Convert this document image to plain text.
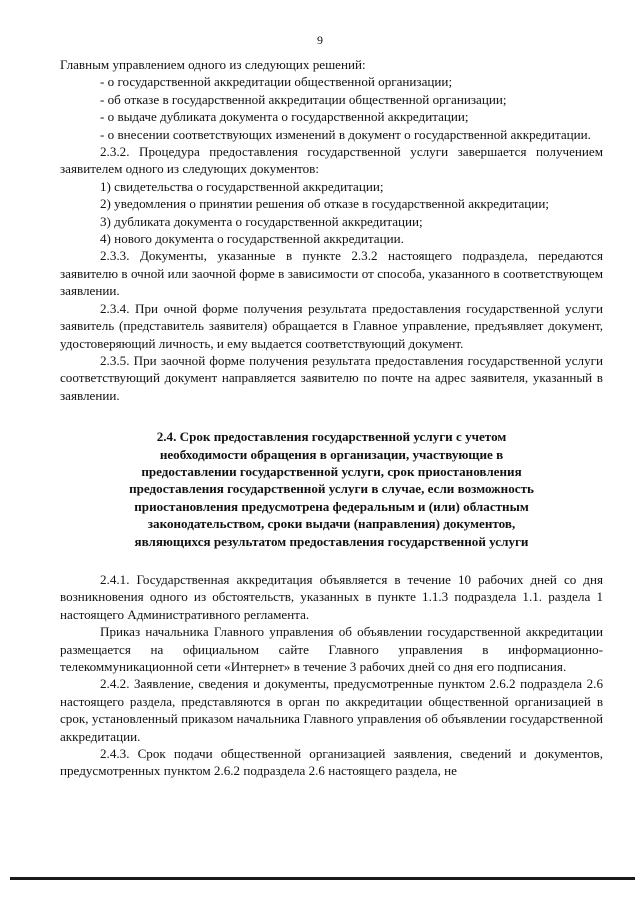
9

Главным управлением одного из следующих решений:

- о государственной аккредитации общественной организации;

- об отказе в государственной аккредитации общественной организации;

- о выдаче дубликата документа о государственной аккредитации;

- о внесении соответствующих изменений в документ о государственной аккредитации.

2.3.2. Процедура предоставления государственной услуги завершается получением заявителем одного из следующих документов:

1) свидетельства о государственной аккредитации;

2) уведомления о принятии решения об отказе в государственной аккредитации;

3) дубликата документа о государственной аккредитации;

4) нового документа о государственной аккредитации.

2.3.3. Документы, указанные в пункте 2.3.2 настоящего подраздела, передаются заявителю в очной или заочной форме в зависимости от способа, указанного в соответствующем заявлении.

2.3.4. При очной форме получения результата предоставления государственной услуги заявитель (представитель заявителя) обращается в Главное управление, предъявляет документ, удостоверяющий личность, и ему выдается соответствующий документ.

2.3.5. При заочной форме получения результата предоставления государственной услуги соответствующий документ направляется заявителю по почте на адрес заявителя, указанный в заявлении.

2.4. Срок предоставления государственной услуги с учетом
необходимости обращения в организации, участвующие в
предоставлении государственной услуги, срок приостановления
предоставления государственной услуги в случае, если возможность
приостановления предусмотрена федеральным и (или) областным
законодательством, сроки выдачи (направления) документов,
являющихся результатом предоставления государственной услуги

2.4.1. Государственная аккредитация объявляется в течение 10 рабочих дней со дня возникновения одного из обстоятельств, указанных в пункте 1.1.3 подраздела 1.1. раздела 1 настоящего Административного регламента.

Приказ начальника Главного управления об объявлении государственной аккредитации размещается на официальном сайте Главного управления в информационно-телекоммуникационной сети «Интернет» в течение 3 рабочих дней со дня его подписания.

2.4.2. Заявление, сведения и документы, предусмотренные пунктом 2.6.2 подраздела 2.6 настоящего раздела, представляются в орган по аккредитации общественной организацией в срок, установленный приказом начальника Главного управления об объявлении государственной аккредитации.

2.4.3. Срок подачи общественной организацией заявления, сведений и документов, предусмотренных пунктом 2.6.2 подраздела 2.6 настоящего раздела, не
